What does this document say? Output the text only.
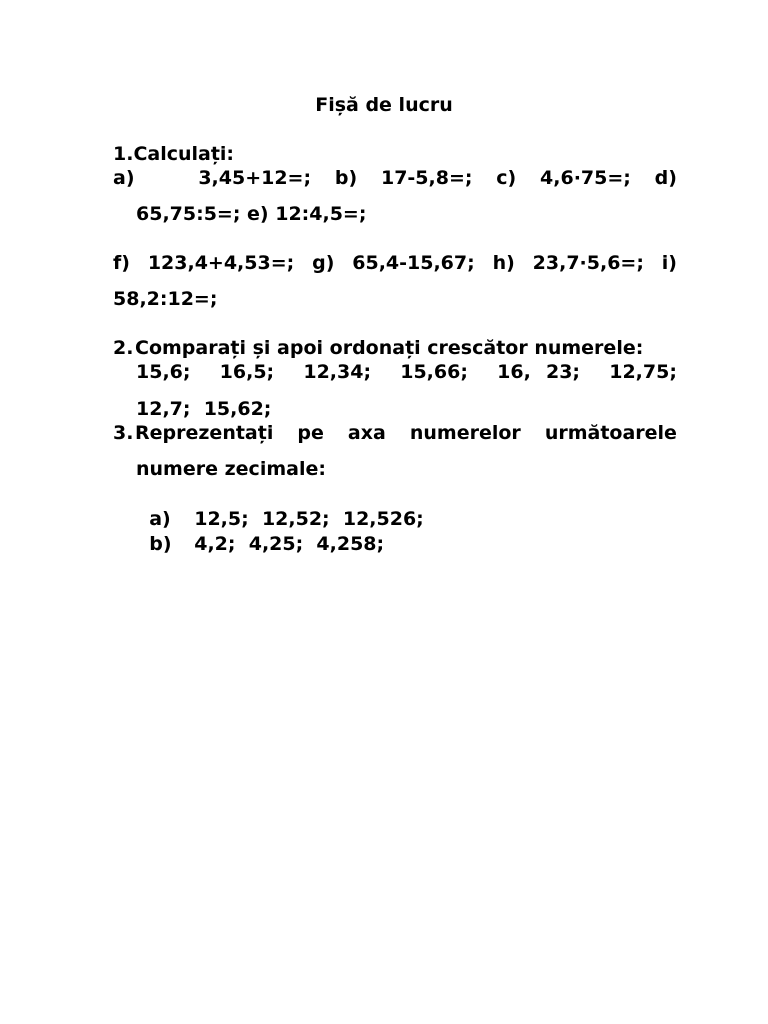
Fișă de lucru
1.Calculați:
a)	3,45+12=; b) 17-5,8=; c) 4,6·75=; d)
65,75:5=; e) 12:4,5=;
f) 123,4+4,53=; g) 65,4-15,67; h) 23,7·5,6=; i)
58,2:12=;
2.Comparați și apoi ordonați crescător numerele:
15,6; 16,5; 12,34; 15,66; 16, 23; 12,75;
12,7;  15,62;
3.Reprezentați pe axa numerelor următoarele
numere zecimale:

a) 12,5;  12,52;  12,526;

b) 4,2;  4,25;  4,258;
